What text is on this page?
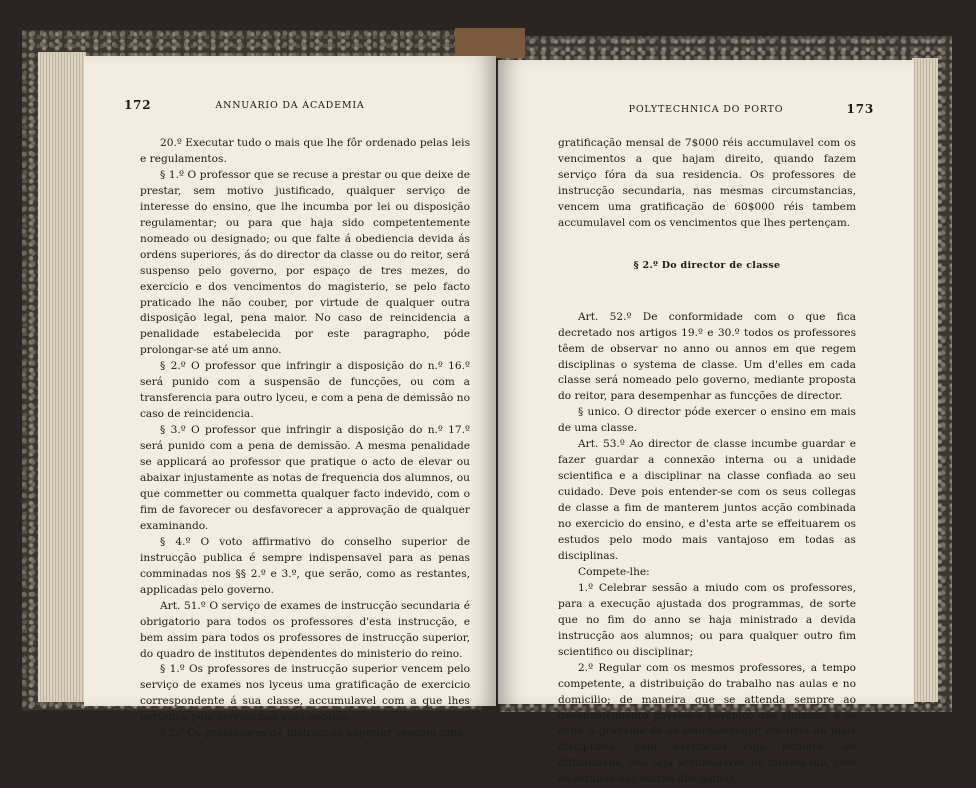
172	ANNUARIO DA ACADEMIA

20.º Executar tudo o mais que lhe fôr ordenado pelas leis e regulamentos.

§ 1.º O professor que se recuse a prestar ou que deixe de prestar, sem motivo justificado, qualquer serviço de interesse do ensino, que lhe incumba por lei ou disposição regulamentar; ou para que haja sido competentemente nomeado ou designado; ou que falte á obediencia devida ás ordens superiores, ás do director da classe ou do reitor, será suspenso pelo governo, por espaço de tres mezes, do exercicio e dos vencimentos do magisterio, se pelo facto praticado lhe não couber, por virtude de qualquer outra disposição legal, pena maior. No caso de reincidencia a penalidade estabelecida por este paragrapho, póde prolongar-se até um anno.

§ 2.º O professor que infringir a disposição do n.º 16.º será punido com a suspensão de funcções, ou com a transferencia para outro lyceu, e com a pena de demissão no caso de reincidencia.

§ 3.º O professor que infringir a disposição do n.º 17.º será punido com a pena de demissão. A mesma penalidade se applicará ao professor que pratique o acto de elevar ou abaixar injustamente as notas de frequencia dos alumnos, ou que commetter ou commetta qualquer facto indevido, com o fim de favorecer ou desfavorecer a approvação de qualquer examinando.

§ 4.º O voto affirmativo do conselho superior de instrucção publica é sempre indispensavel para as penas comminadas nos §§ 2.º e 3.º, que serão, como as restantes, applicadas pelo governo.

Art. 51.º O serviço de exames de instrucção secundaria é obrigatorio para todos os professores d'esta instrucção, e bem assim para todos os professores de instrucção superior, do quadro de institutos dependentes do ministerio do reino.

§ 1.º Os professores de instrucção superior vencem pelo serviço de exames nos lyceus uma gratificação de exercicio correspondente á sua classe, accumulavel com a que lhes pertença pelo serviço nas suas escolas.

§ 2.º Os professores de instrucção superior vencem uma

POLYTECHNICA DO PORTO	173

gratificação mensal de 7$000 réis accumulavel com os vencimentos a que hajam direito, quando fazem serviço fóra da sua residencia. Os professores de instrucção secundaria, nas mesmas circumstancias, vencem uma gratificação de 60$000 réis tambem accumulavel com os vencimentos que lhes pertençam.

§ 2.º Do director de classe

Art. 52.º De conformidade com o que fica decretado nos artigos 19.º e 30.º todos os professores têem de observar no anno ou annos em que regem disciplinas o systema de classe. Um d'elles em cada classe será nomeado pelo governo, mediante proposta do reitor, para desempenhar as funcções de director.

§ unico. O director póde exercer o ensino em mais de uma classe.

Art. 53.º Ao director de classe incumbe guardar e fazer guardar a connexão interna ou a unidade scientifica e a disciplinar na classe confiada ao seu cuidado. Deve pois entender-se com os seus collegas de classe a fim de manterem juntos acção combinada no exercicio do ensino, e d'esta arte se effeituarem os estudos pelo modo mais vantajoso em todas as disciplinas.

Compete-lhe:

1.º Celebrar sessão a miudo com os professores, para a execução ajustada dos programmas, de sorte que no fim do anno se haja ministrado a devida instrucção aos alumnos; ou para qualquer outro fim scientifico ou disciplinar;

2.º Regular com os mesmos professores, a tempo competente, a distribuição do trabalho nas aulas e no domicilio; de maneira que se attenda sempre ao desenvolvimento physico e psychico dos alumnos, e se evite o gravame de os sobrecarregar, em uma ou mais disciplinas, com exercicios cujo numero, ou difficuldade, não seja accumulavel, no mesmo dia, com os estudos das outras disciplinas;
